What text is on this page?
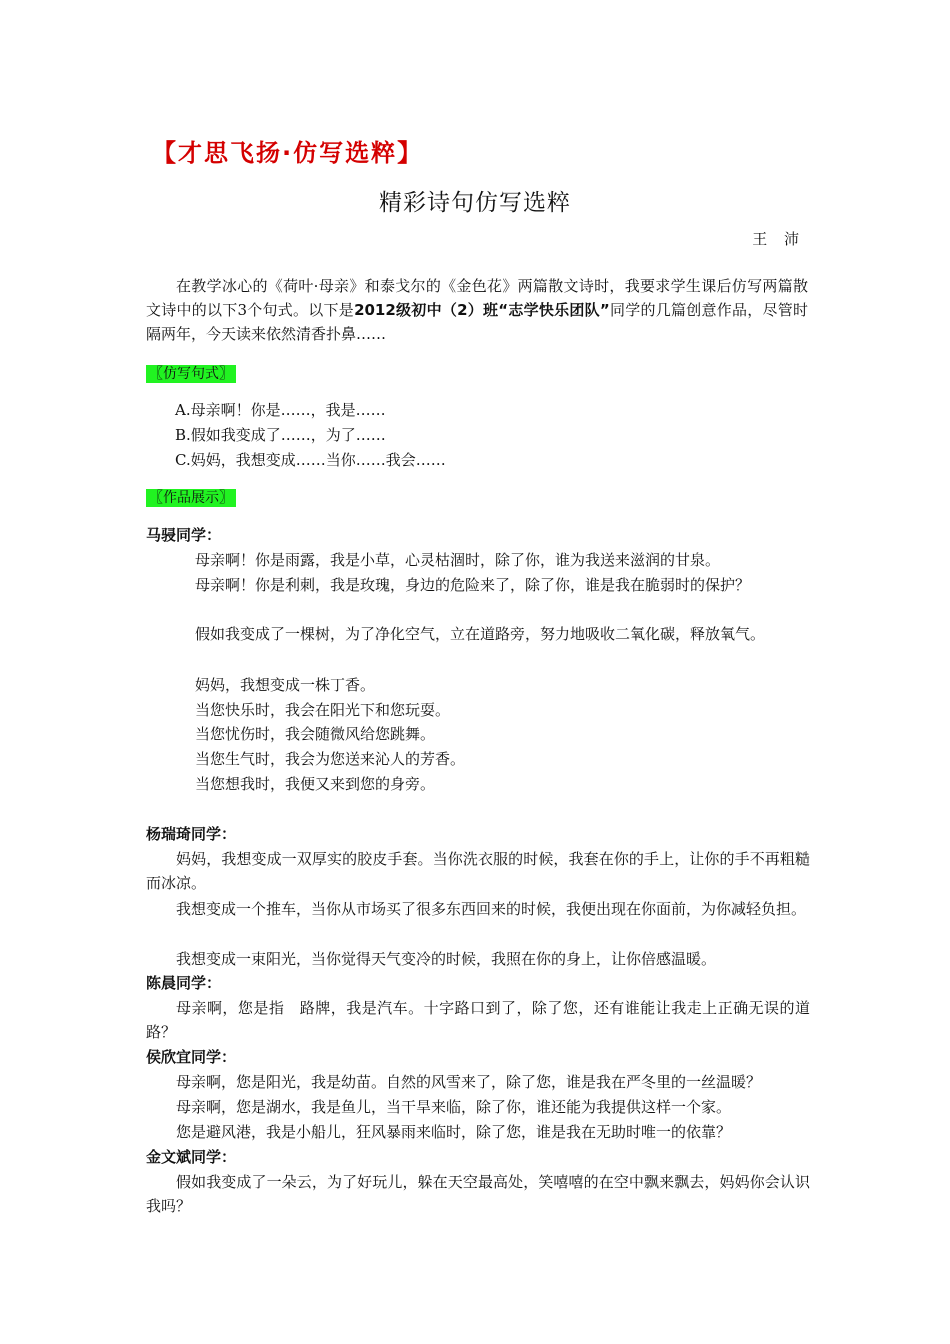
【才思飞扬·仿写选粹】
精彩诗句仿写选粹
王 沛
在教学冰心的《荷叶·母亲》和泰戈尔的《金色花》两篇散文诗时，我要求学生课后仿写两篇散文诗中的以下3个句式。以下是2012级初中（2）班“志学快乐团队”同学的几篇创意作品，尽管时隔两年，今天读来依然清香扑鼻……
〖仿写句式〗
A.母亲啊！你是……，我是……
B.假如我变成了……，为了……
C.妈妈，我想变成……当你……我会……
〖作品展示〗
马骎同学：
母亲啊！你是雨露，我是小草，心灵枯涸时，除了你，谁为我送来滋润的甘泉。
母亲啊！你是利刺，我是玫瑰，身边的危险来了，除了你，谁是我在脆弱时的保护？
假如我变成了一棵树，为了净化空气，立在道路旁，努力地吸收二氧化碳，释放氧气。
妈妈，我想变成一株丁香。
当您快乐时，我会在阳光下和您玩耍。
当您忧伤时，我会随微风给您跳舞。
当您生气时，我会为您送来沁人的芳香。
当您想我时，我便又来到您的身旁。
杨瑞琦同学：
妈妈，我想变成一双厚实的胶皮手套。当你洗衣服的时候，我套在你的手上，让你的手不再粗糙而冰凉。
我想变成一个推车，当你从市场买了很多东西回来的时候，我便出现在你面前，为你减轻负担。
我想变成一束阳光，当你觉得天气变冷的时候，我照在你的身上，让你倍感温暖。
陈晨同学：
母亲啊，您是指　路牌，我是汽车。十字路口到了，除了您，还有谁能让我走上正确无误的道路？
侯欣宜同学：
母亲啊，您是阳光，我是幼苗。自然的风雪来了，除了您，谁是我在严冬里的一丝温暖？
母亲啊，您是湖水，我是鱼儿，当干旱来临，除了你，谁还能为我提供这样一个家。
您是避风港，我是小船儿，狂风暴雨来临时，除了您，谁是我在无助时唯一的依靠？
金文斌同学：
假如我变成了一朵云，为了好玩儿，躲在天空最高处，笑嘻嘻的在空中飘来飘去，妈妈你会认识我吗？
